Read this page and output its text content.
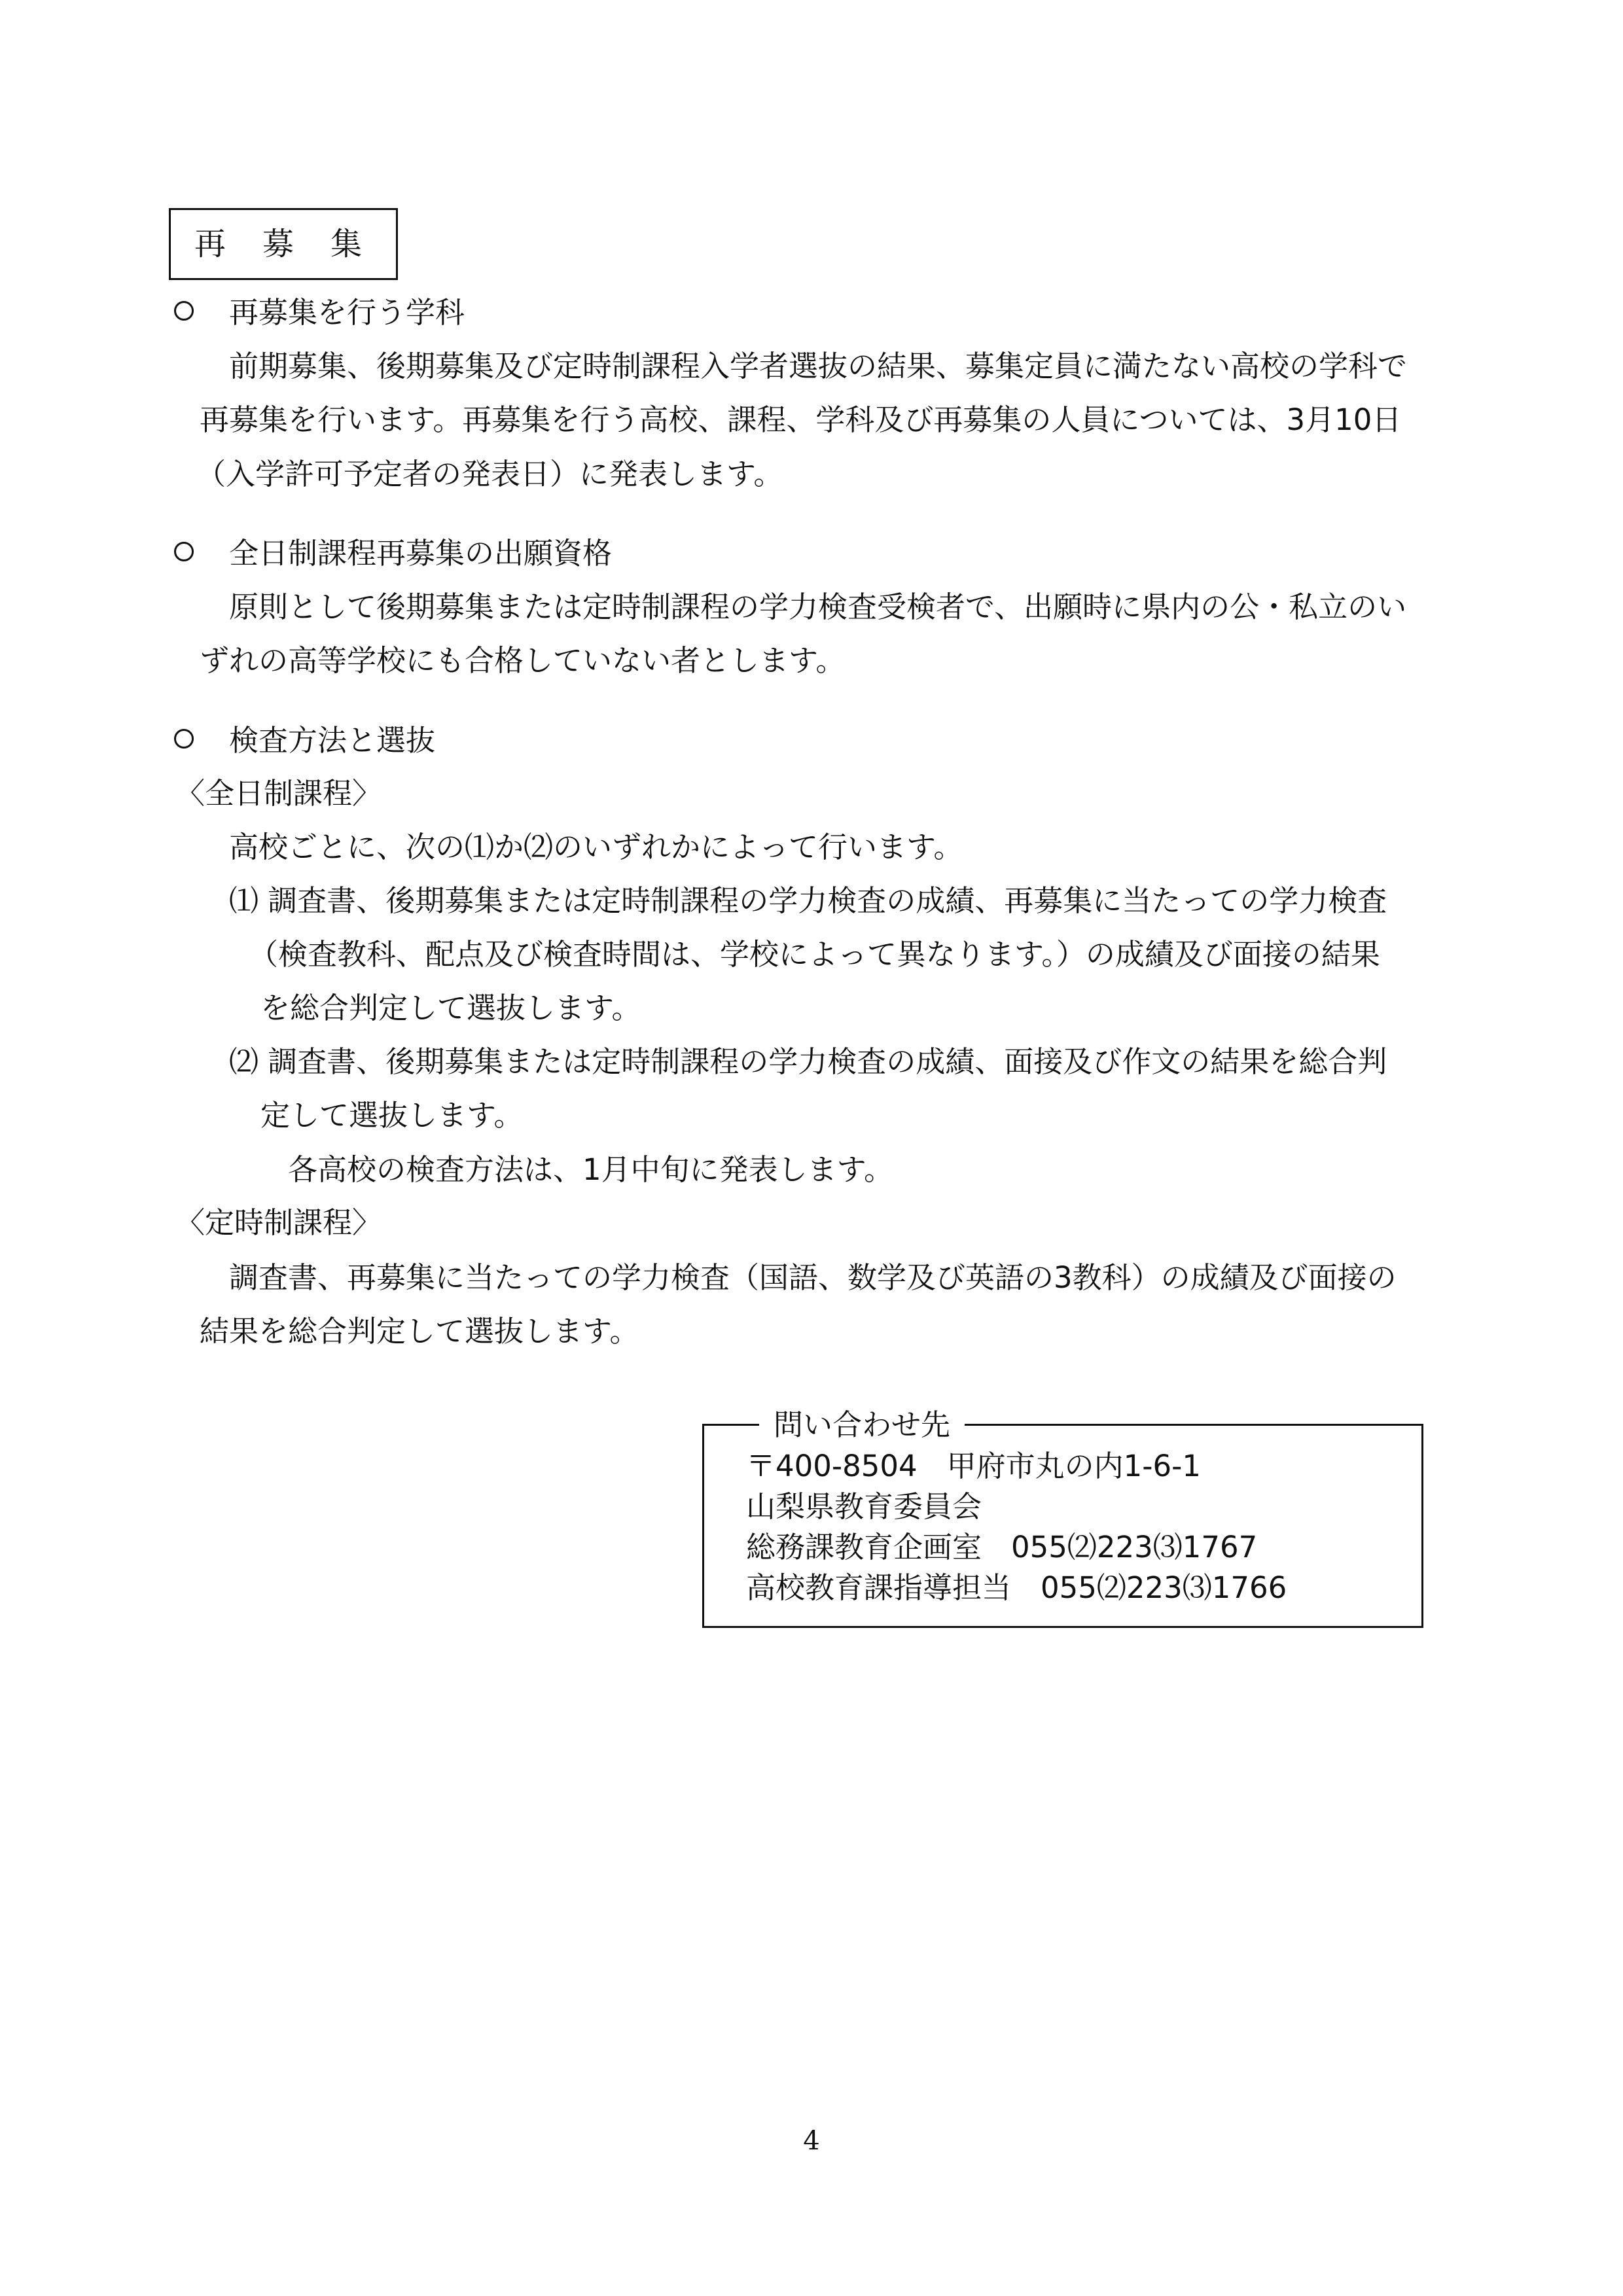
再募集
再募集を行う学科
前期募集、後期募集及び定時制課程入学者選抜の結果、募集定員に満たない高校の学科で
再募集を行います。再募集を行う高校、課程、学科及び再募集の人員については、3月10日
（入学許可予定者の発表日）に発表します。
全日制課程再募集の出願資格
原則として後期募集または定時制課程の学力検査受検者で、出願時に県内の公・私立のい
ずれの高等学校にも合格していない者とします。
検査方法と選抜
〈全日制課程〉
高校ごとに、次の⑴か⑵のいずれかによって行います。
⑴ 調査書、後期募集または定時制課程の学力検査の成績、再募集に当たっての学力検査
（検査教科、配点及び検査時間は、学校によって異なります。）の成績及び面接の結果
を総合判定して選抜します。
⑵ 調査書、後期募集または定時制課程の学力検査の成績、面接及び作文の結果を総合判
定して選抜します。
各高校の検査方法は、1月中旬に発表します。
〈定時制課程〉
調査書、再募集に当たっての学力検査（国語、数学及び英語の3教科）の成績及び面接の
結果を総合判定して選抜します。
問い合わせ先
〒400-8504　甲府市丸の内1-6-1
山梨県教育委員会
総務課教育企画室　055⑵223⑶1767
高校教育課指導担当　055⑵223⑶1766
4
